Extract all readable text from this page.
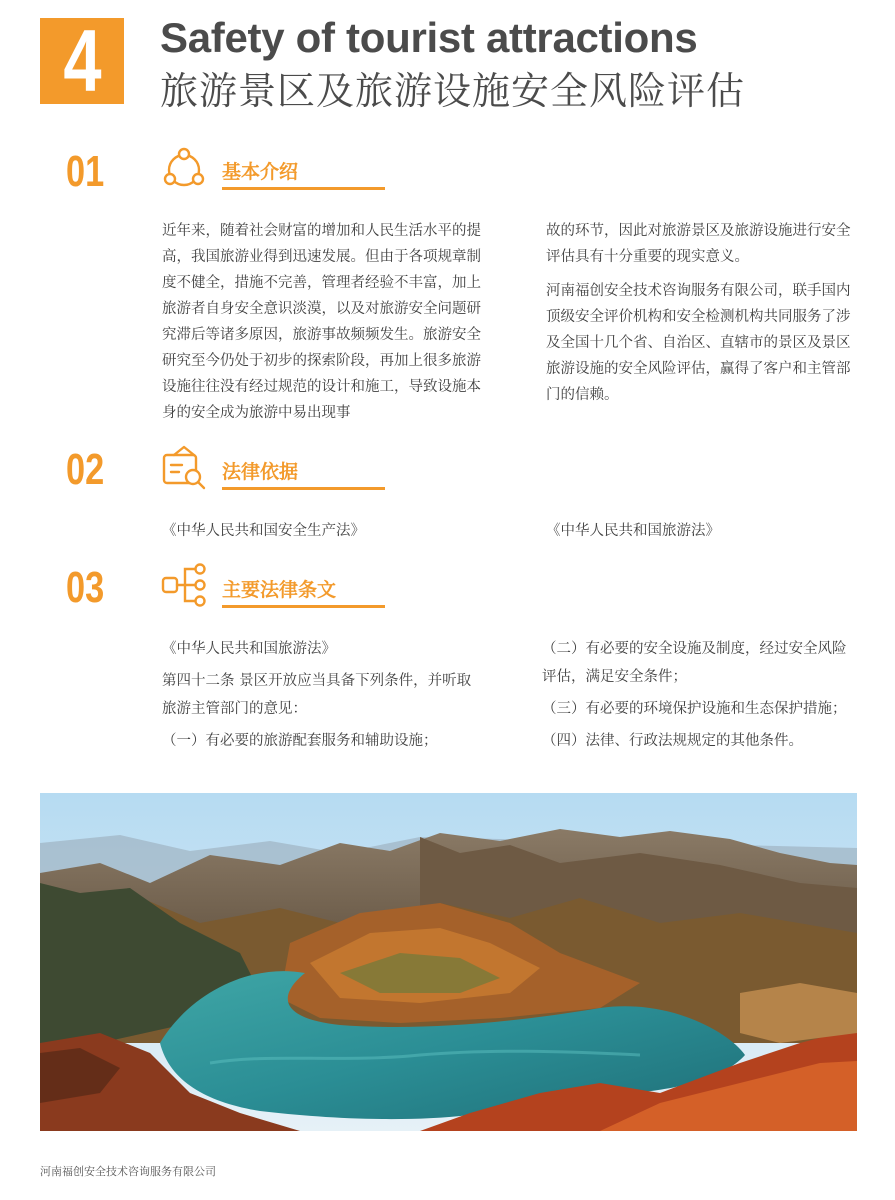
4 Safety of tourist attractions
旅游景区及旅游设施安全风险评估
01	基本介绍

近年来，随着社会财富的增加和人民生活水平的提高，我国旅游业得到迅速发展。但由于各项规章制度不健全，措施不完善，管理者经验不丰富，加上旅游者自身安全意识淡漠，以及对旅游安全问题研究滞后等诸多原因，旅游事故频频发生。旅游安全研究至今仍处于初步的探索阶段，再加上很多旅游设施往往没有经过规范的设计和施工，导致设施本身的安全成为旅游中易出现事

故的环节，因此对旅游景区及旅游设施进行安全评估具有十分重要的现实意义。

河南福创安全技术咨询服务有限公司，联手国内顶级安全评价机构和安全检测机构共同服务了涉及全国十几个省、自治区、直辖市的景区及景区旅游设施的安全风险评估，赢得了客户和主管部门的信赖。

02	法律依据
《中华人民共和国安全生产法》	《中华人民共和国旅游法》
03	主要法律条文
《中华人民共和国旅游法》
第四十二条 景区开放应当具备下列条件，并听取
旅游主管部门的意见：
（一）有必要的旅游配套服务和辅助设施；
（二）有必要的安全设施及制度，经过安全风险
评估，满足安全条件；
（三）有必要的环境保护设施和生态保护措施；
（四）法律、行政法规规定的其他条件。
河南福创安全技术咨询服务有限公司
